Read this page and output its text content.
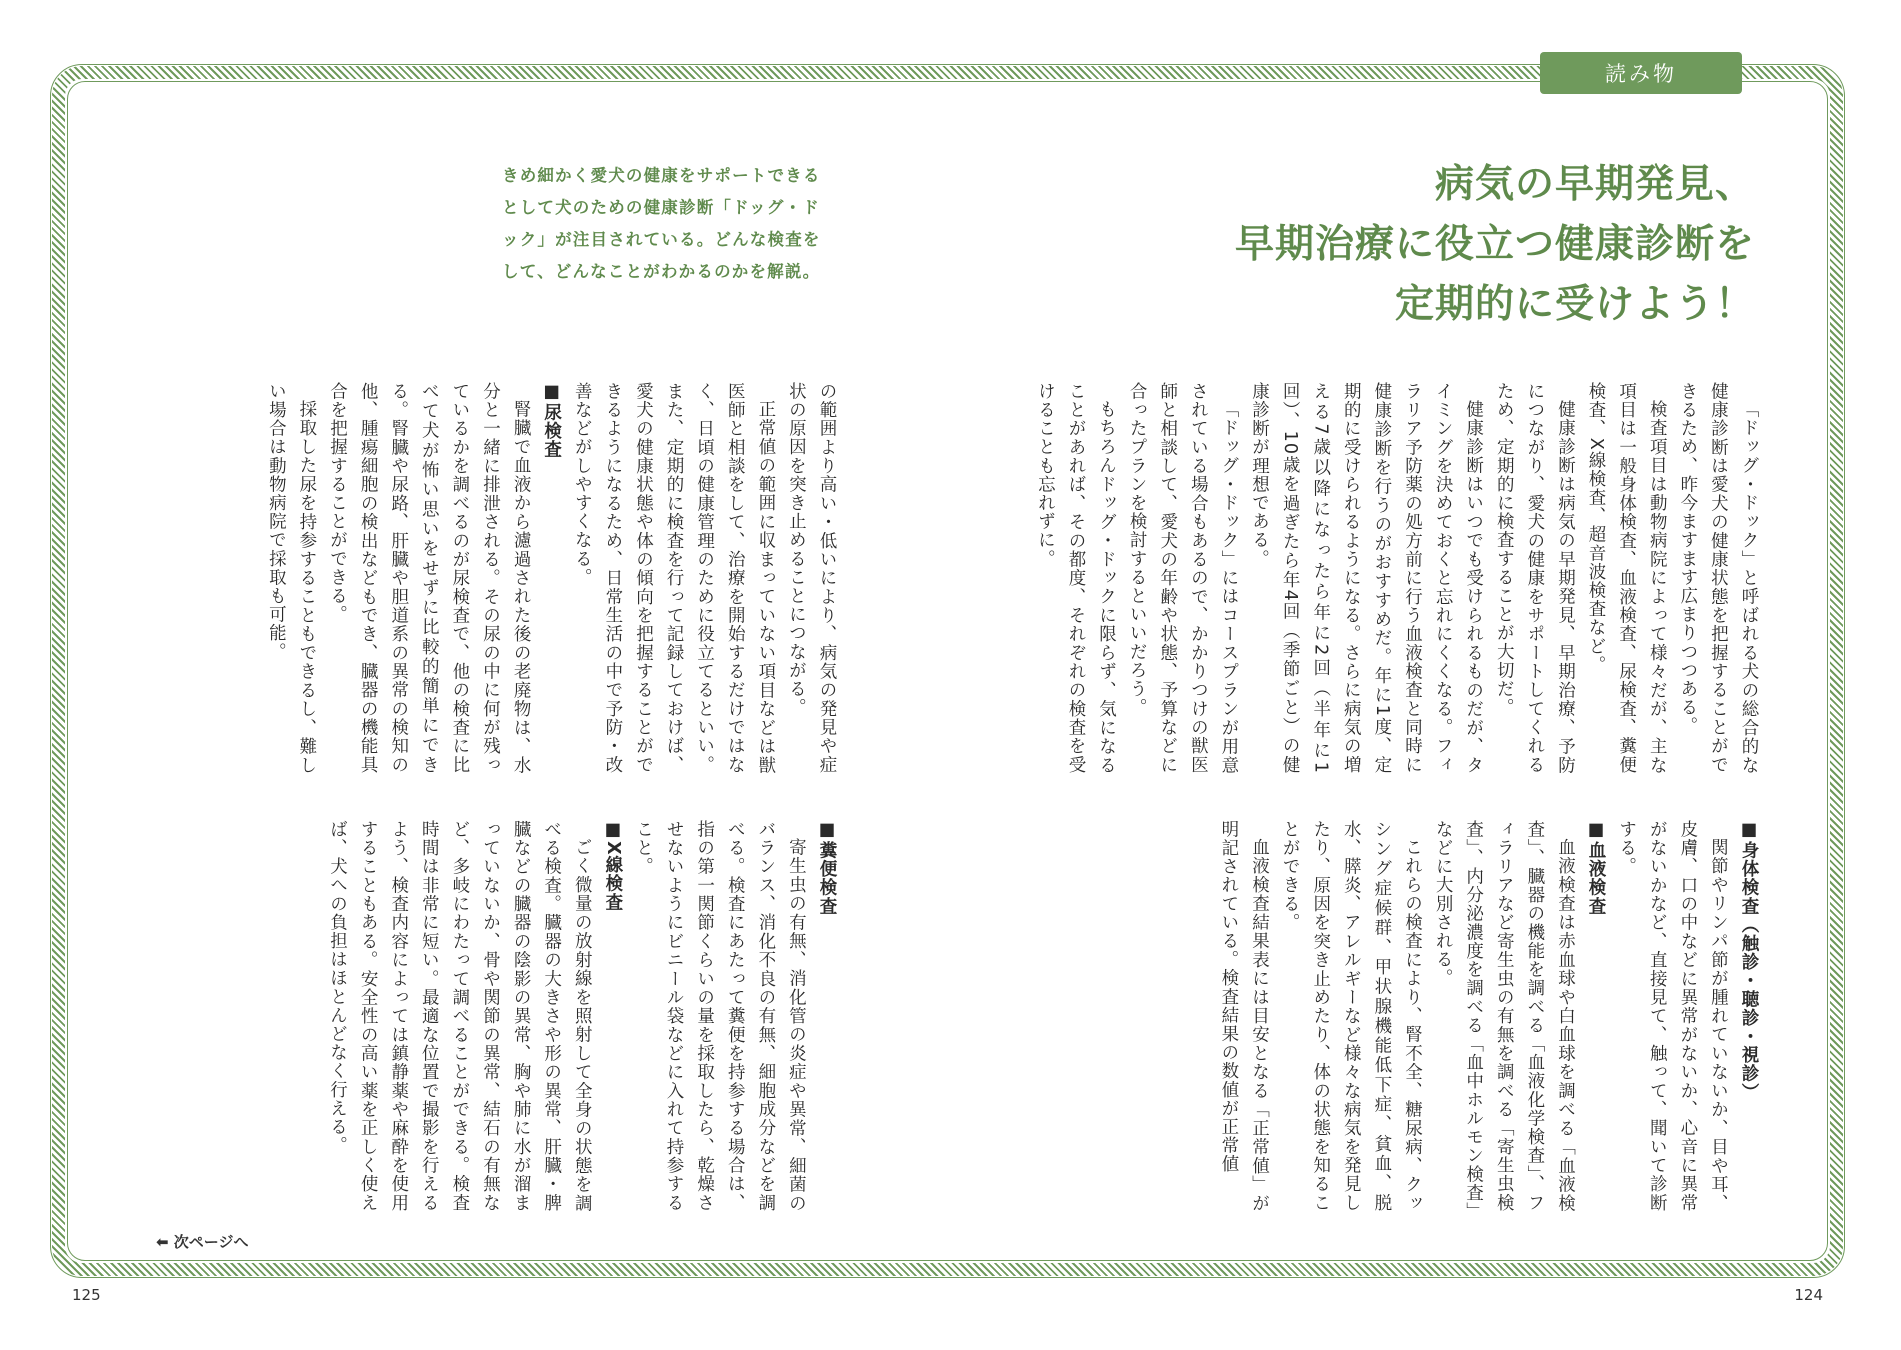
読み物
きめ細かく愛犬の健康をサポートできるとして犬のための健康診断「ドッグ・ドック」が注目されている。どんな検査をして、どんなことがわかるのかを解説。
病気の早期発見、
早期治療に役立つ健康診断を
定期的に受けよう！

「ドッグ・ドック」と呼ばれる犬の総合的な健康診断は愛犬の健康状態を把握することができるため、昨今ますます広まりつつある。

検査項目は動物病院によって様々だが、主な項目は一般身体検査、血液検査、尿検査、糞便検査、X線検査、超音波検査など。

健康診断は病気の早期発見、早期治療、予防につながり、愛犬の健康をサポートしてくれるため、定期的に検査することが大切だ。

健康診断はいつでも受けられるものだが、タイミングを決めておくと忘れにくくなる。フィラリア予防薬の処方前に行う血液検査と同時に健康診断を行うのがおすすめだ。年に1度、定期的に受けられるようになる。さらに病気の増える7歳以降になったら年に2回（半年に1回）、10歳を過ぎたら年4回（季節ごと）の健康診断が理想である。

「ドッグ・ドック」にはコースプランが用意されている場合もあるので、かかりつけの獣医師と相談して、愛犬の年齢や状態、予算などに合ったプランを検討するといいだろう。

もちろんドッグ・ドックに限らず、気になることがあれば、その都度、それぞれの検査を受けることも忘れずに。

■身体検査（触診・聴診・視診）

関節やリンパ節が腫れていないか、目や耳、皮膚、口の中などに異常がないか、心音に異常がないかなど、直接見て、触って、聞いて診断する。

■血液検査

血液検査は赤血球や白血球を調べる「血液検査」、臓器の機能を調べる「血液化学検査」、フィラリアなど寄生虫の有無を調べる「寄生虫検査」、内分泌濃度を調べる「血中ホルモン検査」などに大別される。

これらの検査により、腎不全、糖尿病、クッシング症候群、甲状腺機能低下症、貧血、脱水、膵炎、アレルギーなど様々な病気を発見したり、原因を突き止めたり、体の状態を知ることができる。

血液検査結果表には目安となる「正常値」が明記されている。検査結果の数値が正常値

の範囲より高い・低いにより、病気の発見や症状の原因を突き止めることにつながる。

正常値の範囲に収まっていない項目などは獣医師と相談をして、治療を開始するだけではなく、日頃の健康管理のために役立てるといい。また、定期的に検査を行って記録しておけば、愛犬の健康状態や体の傾向を把握することができるようになるため、日常生活の中で予防・改善などがしやすくなる。

■尿検査

腎臓で血液から濾過された後の老廃物は、水分と一緒に排泄される。その尿の中に何が残っているかを調べるのが尿検査で、他の検査に比べて犬が怖い思いをせずに比較的簡単にできる。腎臓や尿路、肝臓や胆道系の異常の検知の他、腫瘍細胞の検出などもでき、臓器の機能具合を把握することができる。

採取した尿を持参することもできるし、難しい場合は動物病院で採取も可能。

■糞便検査

寄生虫の有無、消化管の炎症や異常、細菌のバランス、消化不良の有無、細胞成分などを調べる。検査にあたって糞便を持参する場合は、指の第一関節くらいの量を採取したら、乾燥させないようにビニール袋などに入れて持参すること。

■X線検査

ごく微量の放射線を照射して全身の状態を調べる検査。臓器の大きさや形の異常、肝臓・脾臓などの臓器の陰影の異常、胸や肺に水が溜まっていないか、骨や関節の異常、結石の有無など、多岐にわたって調べることができる。検査時間は非常に短い。最適な位置で撮影を行えるよう、検査内容によっては鎮静薬や麻酔を使用することもある。安全性の高い薬を正しく使えば、犬への負担はほとんどなく行える。

⬅ 次ページへ
125	124
